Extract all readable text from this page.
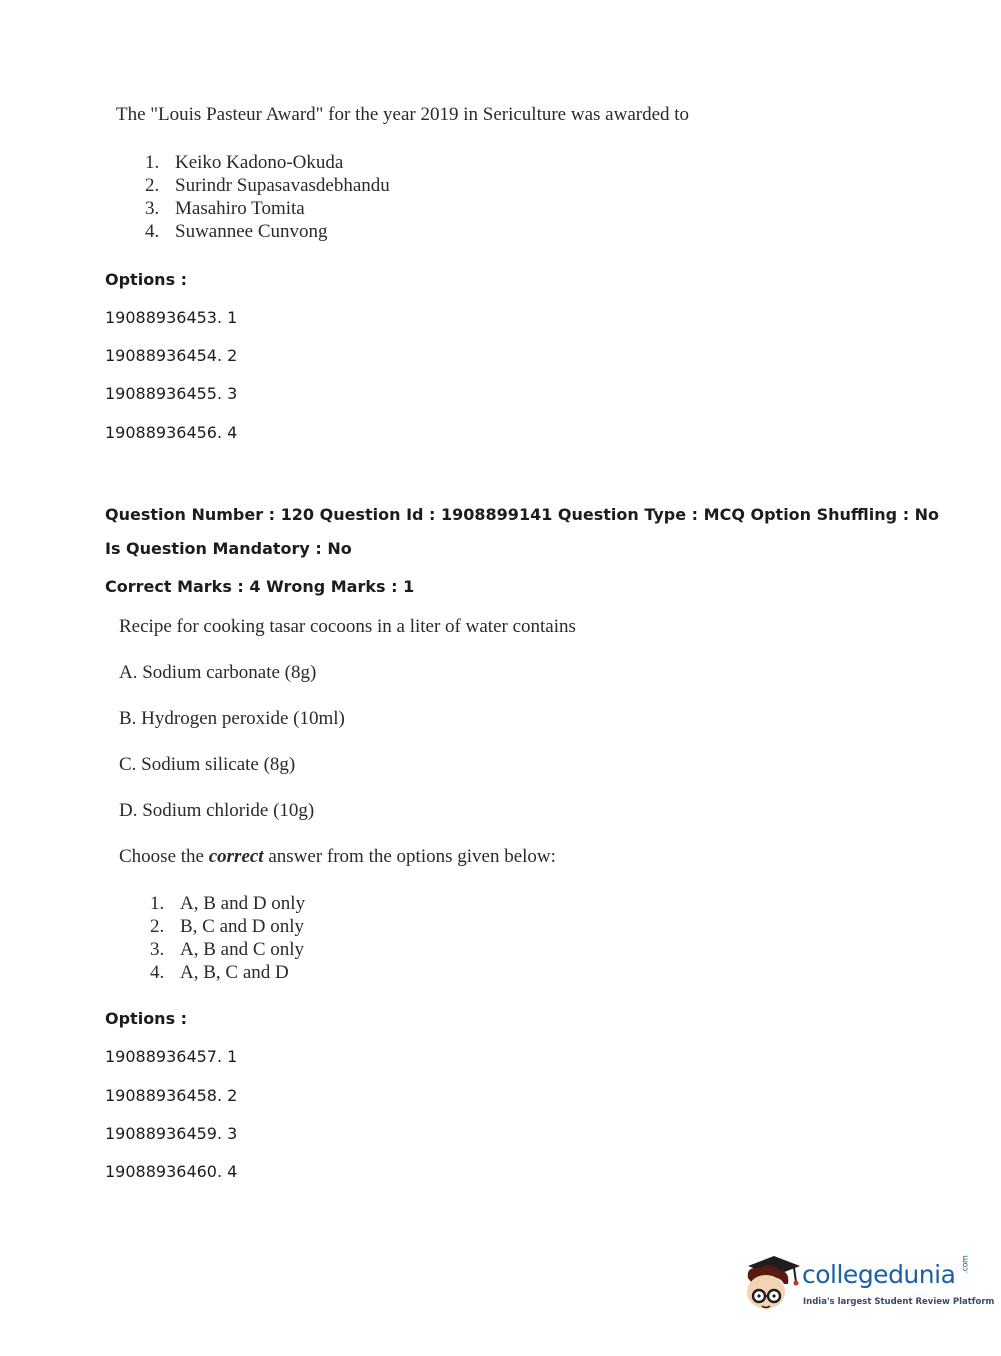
The "Louis Pasteur Award" for the year 2019 in Sericulture was awarded to
1. Keiko Kadono-Okuda
2. Surindr Supasavasdebhandu
3. Masahiro Tomita
4. Suwannee Cunvong
Options :
19088936453. 1
19088936454. 2
19088936455. 3
19088936456. 4
Question Number : 120 Question Id : 1908899141 Question Type : MCQ Option Shuffling : No
Is Question Mandatory : No
Correct Marks : 4 Wrong Marks : 1
Recipe for cooking tasar cocoons in a liter of water contains
A. Sodium carbonate (8g)
B. Hydrogen peroxide (10ml)
C. Sodium silicate (8g)
D. Sodium chloride (10g)
Choose the correct answer from the options given below:
1. A, B and D only
2. B, C and D only
3. A, B and C only
4. A, B, C and D
Options :
19088936457. 1
19088936458. 2
19088936459. 3
19088936460. 4
collegedunia .com
India's largest Student Review Platform
